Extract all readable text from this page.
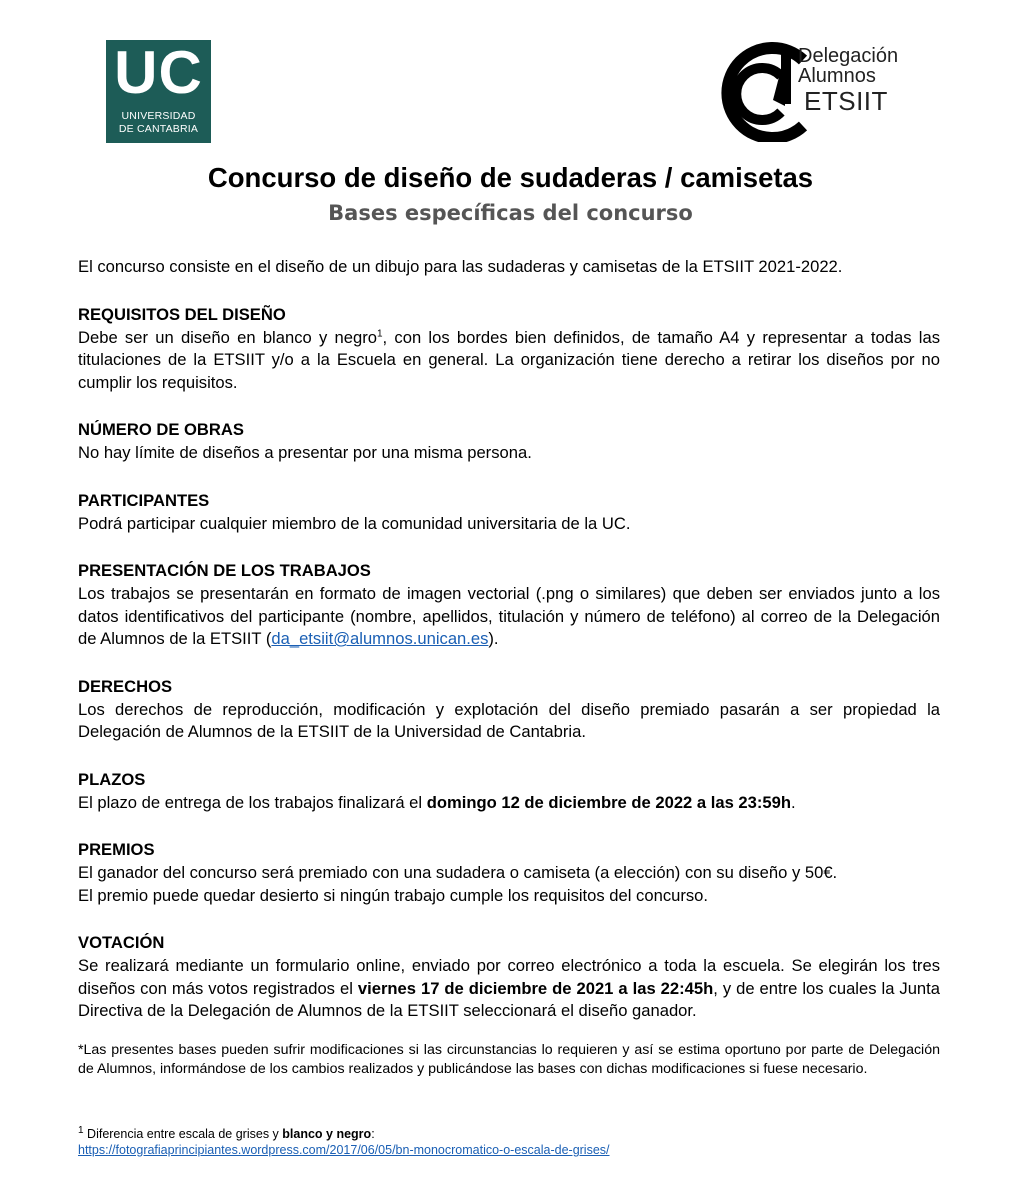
UC
UNIVERSIDAD
DE CANTABRIA
Delegación
Alumnos
ETSIIT
Concurso de diseño de sudaderas / camisetas
Bases específicas del concurso

El concurso consiste en el diseño de un dibujo para las sudaderas y camisetas de la ETSIIT 2021-2022.

REQUISITOS DEL DISEÑO

Debe ser un diseño en blanco y negro$^1$, con los bordes bien definidos, de tamaño A4 y representar a todas las titulaciones de la ETSIIT y/o a la Escuela en general. La organización tiene derecho a retirar los diseños por no cumplir los requisitos.

NÚMERO DE OBRAS

No hay límite de diseños a presentar por una misma persona.

PARTICIPANTES

Podrá participar cualquier miembro de la comunidad universitaria de la UC.

PRESENTACIÓN DE LOS TRABAJOS

Los trabajos se presentarán en formato de imagen vectorial (.png o similares) que deben ser enviados junto a los datos identificativos del participante (nombre, apellidos, titulación y número de teléfono) al correo de la Delegación de Alumnos de la ETSIIT (da_etsiit@alumnos.unican.es).

DERECHOS

Los derechos de reproducción, modificación y explotación del diseño premiado pasarán a ser propiedad la Delegación de Alumnos de la ETSIIT de la Universidad de Cantabria.

PLAZOS

El plazo de entrega de los trabajos finalizará el domingo 12 de diciembre de 2022 a las 23:59h.

PREMIOS

El ganador del concurso será premiado con una sudadera o camiseta (a elección) con su diseño y 50€.

El premio puede quedar desierto si ningún trabajo cumple los requisitos del concurso.

VOTACIÓN

Se realizará mediante un formulario online, enviado por correo electrónico a toda la escuela. Se elegirán los tres diseños con más votos registrados el viernes 17 de diciembre de 2021 a las 22:45h, y de entre los cuales la Junta Directiva de la Delegación de Alumnos de la ETSIIT seleccionará el diseño ganador.

*Las presentes bases pueden sufrir modificaciones si las circunstancias lo requieren y así se estima oportuno por parte de Delegación de Alumnos, informándose de los cambios realizados y publicándose las bases con dichas modificaciones si fuese necesario.

$^1$ Diferencia entre escala de grises y blanco y negro:
https://fotografiaprincipiantes.wordpress.com/2017/06/05/bn-monocromatico-o-escala-de-grises/
